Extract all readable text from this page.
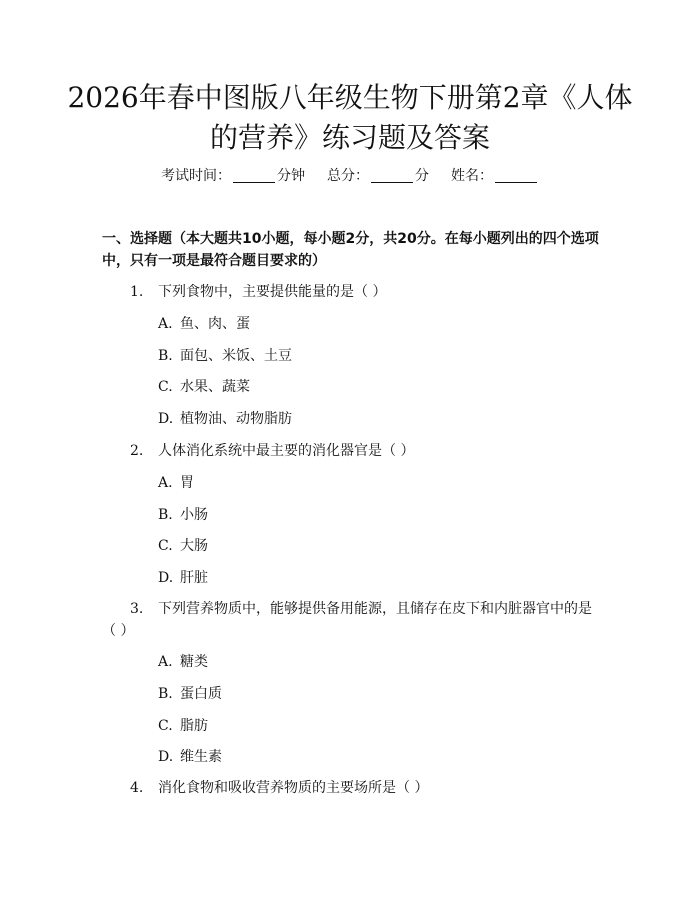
2026年春中图版八年级生物下册第2章《人体的营养》练习题及答案
考试时间：	分钟 总分：	分 姓名：
一、选择题（本大题共10小题，每小题2分，共20分。在每小题列出的四个选项中，只有一项是最符合题目要求的）
1. 下列食物中，主要提供能量的是（ ）
A. 鱼、肉、蛋
B. 面包、米饭、土豆
C. 水果、蔬菜
D. 植物油、动物脂肪
2. 人体消化系统中最主要的消化器官是（ ）
A. 胃
B. 小肠
C. 大肠
D. 肝脏
3. 下列营养物质中，能够提供备用能源，且储存在皮下和内脏器官中的是（ ）
A. 糖类
B. 蛋白质
C. 脂肪
D. 维生素
4. 消化食物和吸收营养物质的主要场所是（ ）
